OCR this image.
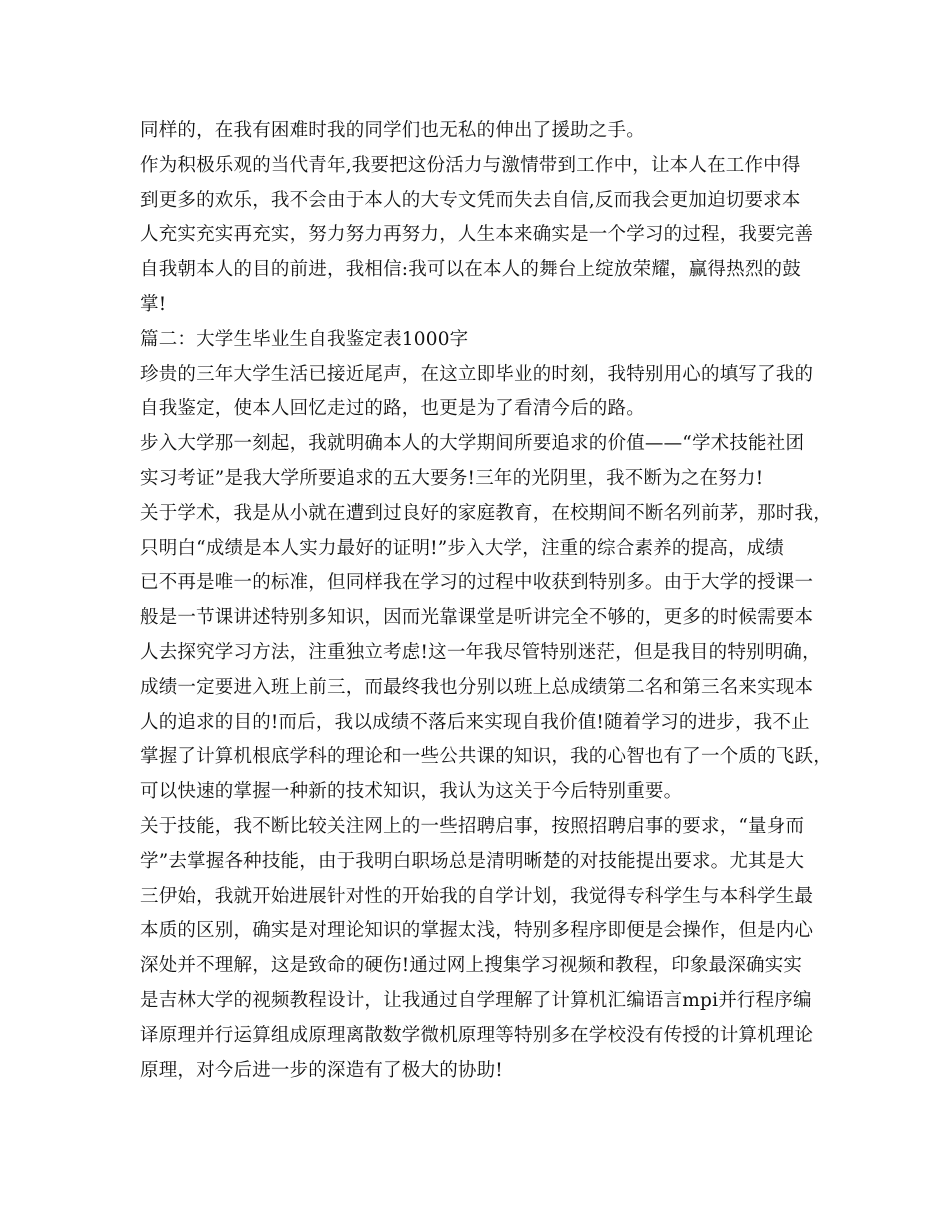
同样的，在我有困难时我的同学们也无私的伸出了援助之手。
作为积极乐观的当代青年,我要把这份活力与激情带到工作中，让本人在工作中得
到更多的欢乐，我不会由于本人的大专文凭而失去自信,反而我会更加迫切要求本
人充实充实再充实，努力努力再努力，人生本来确实是一个学习的过程，我要完善
自我朝本人的目的前进，我相信:我可以在本人的舞台上绽放荣耀，赢得热烈的鼓
掌!
篇二：大学生毕业生自我鉴定表1000字
珍贵的三年大学生活已接近尾声，在这立即毕业的时刻，我特别用心的填写了我的
自我鉴定，使本人回忆走过的路，也更是为了看清今后的路。
步入大学那一刻起，我就明确本人的大学期间所要追求的价值——“学术技能社团
实习考证”是我大学所要追求的五大要务!三年的光阴里，我不断为之在努力!
关于学术，我是从小就在遭到过良好的家庭教育，在校期间不断名列前茅，那时我，
只明白“成绩是本人实力最好的证明!”步入大学，注重的综合素养的提高，成绩
已不再是唯一的标准，但同样我在学习的过程中收获到特别多。由于大学的授课一
般是一节课讲述特别多知识，因而光靠课堂是听讲完全不够的，更多的时候需要本
人去探究学习方法，注重独立考虑!这一年我尽管特别迷茫，但是我目的特别明确，
成绩一定要进入班上前三，而最终我也分别以班上总成绩第二名和第三名来实现本
人的追求的目的!而后，我以成绩不落后来实现自我价值!随着学习的进步，我不止
掌握了计算机根底学科的理论和一些公共课的知识，我的心智也有了一个质的飞跃，
可以快速的掌握一种新的技术知识，我认为这关于今后特别重要。
关于技能，我不断比较关注网上的一些招聘启事，按照招聘启事的要求，“量身而
学”去掌握各种技能，由于我明白职场总是清明晰楚的对技能提出要求。尤其是大
三伊始，我就开始进展针对性的开始我的自学计划，我觉得专科学生与本科学生最
本质的区别，确实是对理论知识的掌握太浅，特别多程序即便是会操作，但是内心
深处并不理解，这是致命的硬伤!通过网上搜集学习视频和教程，印象最深确实实
是吉林大学的视频教程设计，让我通过自学理解了计算机汇编语言mpi并行程序编
译原理并行运算组成原理离散数学微机原理等特别多在学校没有传授的计算机理论
原理，对今后进一步的深造有了极大的协助!
